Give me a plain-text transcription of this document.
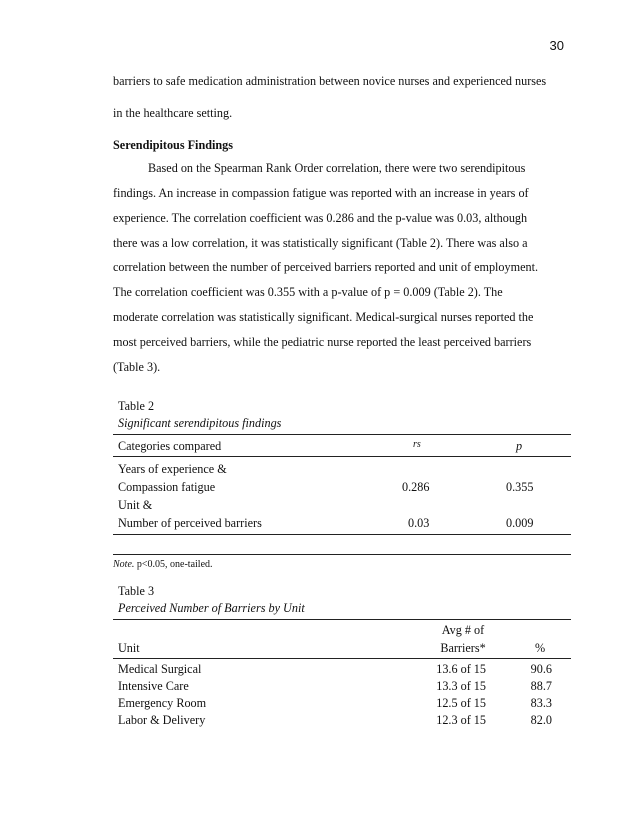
30
barriers to safe medication administration between novice nurses and experienced nurses
in the healthcare setting.
Serendipitous Findings
Based on the Spearman Rank Order correlation, there were two serendipitous
findings. An increase in compassion fatigue was reported with an increase in years of
experience. The correlation coefficient was 0.286 and the p-value was 0.03, although
there was a low correlation, it was statistically significant (Table 2). There was also a
correlation between the number of perceived barriers reported and unit of employment.
The correlation coefficient was 0.355 with a p-value of p = 0.009 (Table 2). The
moderate correlation was statistically significant. Medical-surgical nurses reported the
most perceived barriers, while the pediatric nurse reported the least perceived barriers
(Table 3).
Table 2
Significant serendipitous findings
Categories compared	rs	p
Years of experience &
Compassion fatigue	0.286	0.355
Unit &
Number of perceived barriers	0.03	0.009
Note. p<0.05, one-tailed.
Table 3
Perceived Number of Barriers by Unit
Avg # of
Unit	Barriers*	%
Medical Surgical	13.6 of 15	90.6
Intensive Care	13.3 of 15	88.7
Emergency Room	12.5 of 15	83.3
Labor & Delivery	12.3 of 15	82.0
